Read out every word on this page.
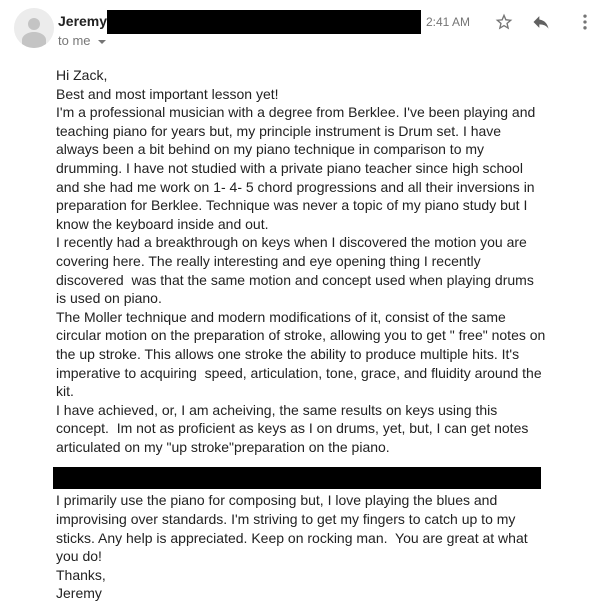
Jeremy	2:41 AM
to me

Hi Zack,

Best and most important lesson yet!

I'm a professional musician with a degree from Berklee. I've been playing and teaching piano for years but, my principle instrument is Drum set. I have always been a bit behind on my piano technique in comparison to my drumming. I have not studied with a private piano teacher since high school and she had me work on 1- 4- 5 chord progressions and all their inversions in preparation for Berklee. Technique was never a topic of my piano study but I know the keyboard inside and out.

I recently had a breakthrough on keys when I discovered the motion you are covering here. The really interesting and eye opening thing I recently discovered  was that the same motion and concept used when playing drums is used on piano.

The Moller technique and modern modifications of it, consist of the same circular motion on the preparation of stroke, allowing you to get " free" notes on the up stroke. This allows one stroke the ability to produce multiple hits. It's imperative to acquiring  speed, articulation, tone, grace, and fluidity around the kit.

I have achieved, or, I am acheiving, the same results on keys using this concept.  Im not as proficient as keys as I on drums, yet, but, I can get notes articulated on my "up stroke"preparation on the piano.

I primarily use the piano for composing but, I love playing the blues and improvising over standards. I'm striving to get my fingers to catch up to my sticks. Any help is appreciated. Keep on rocking man.  You are great at what you do!

Thanks,

Jeremy
